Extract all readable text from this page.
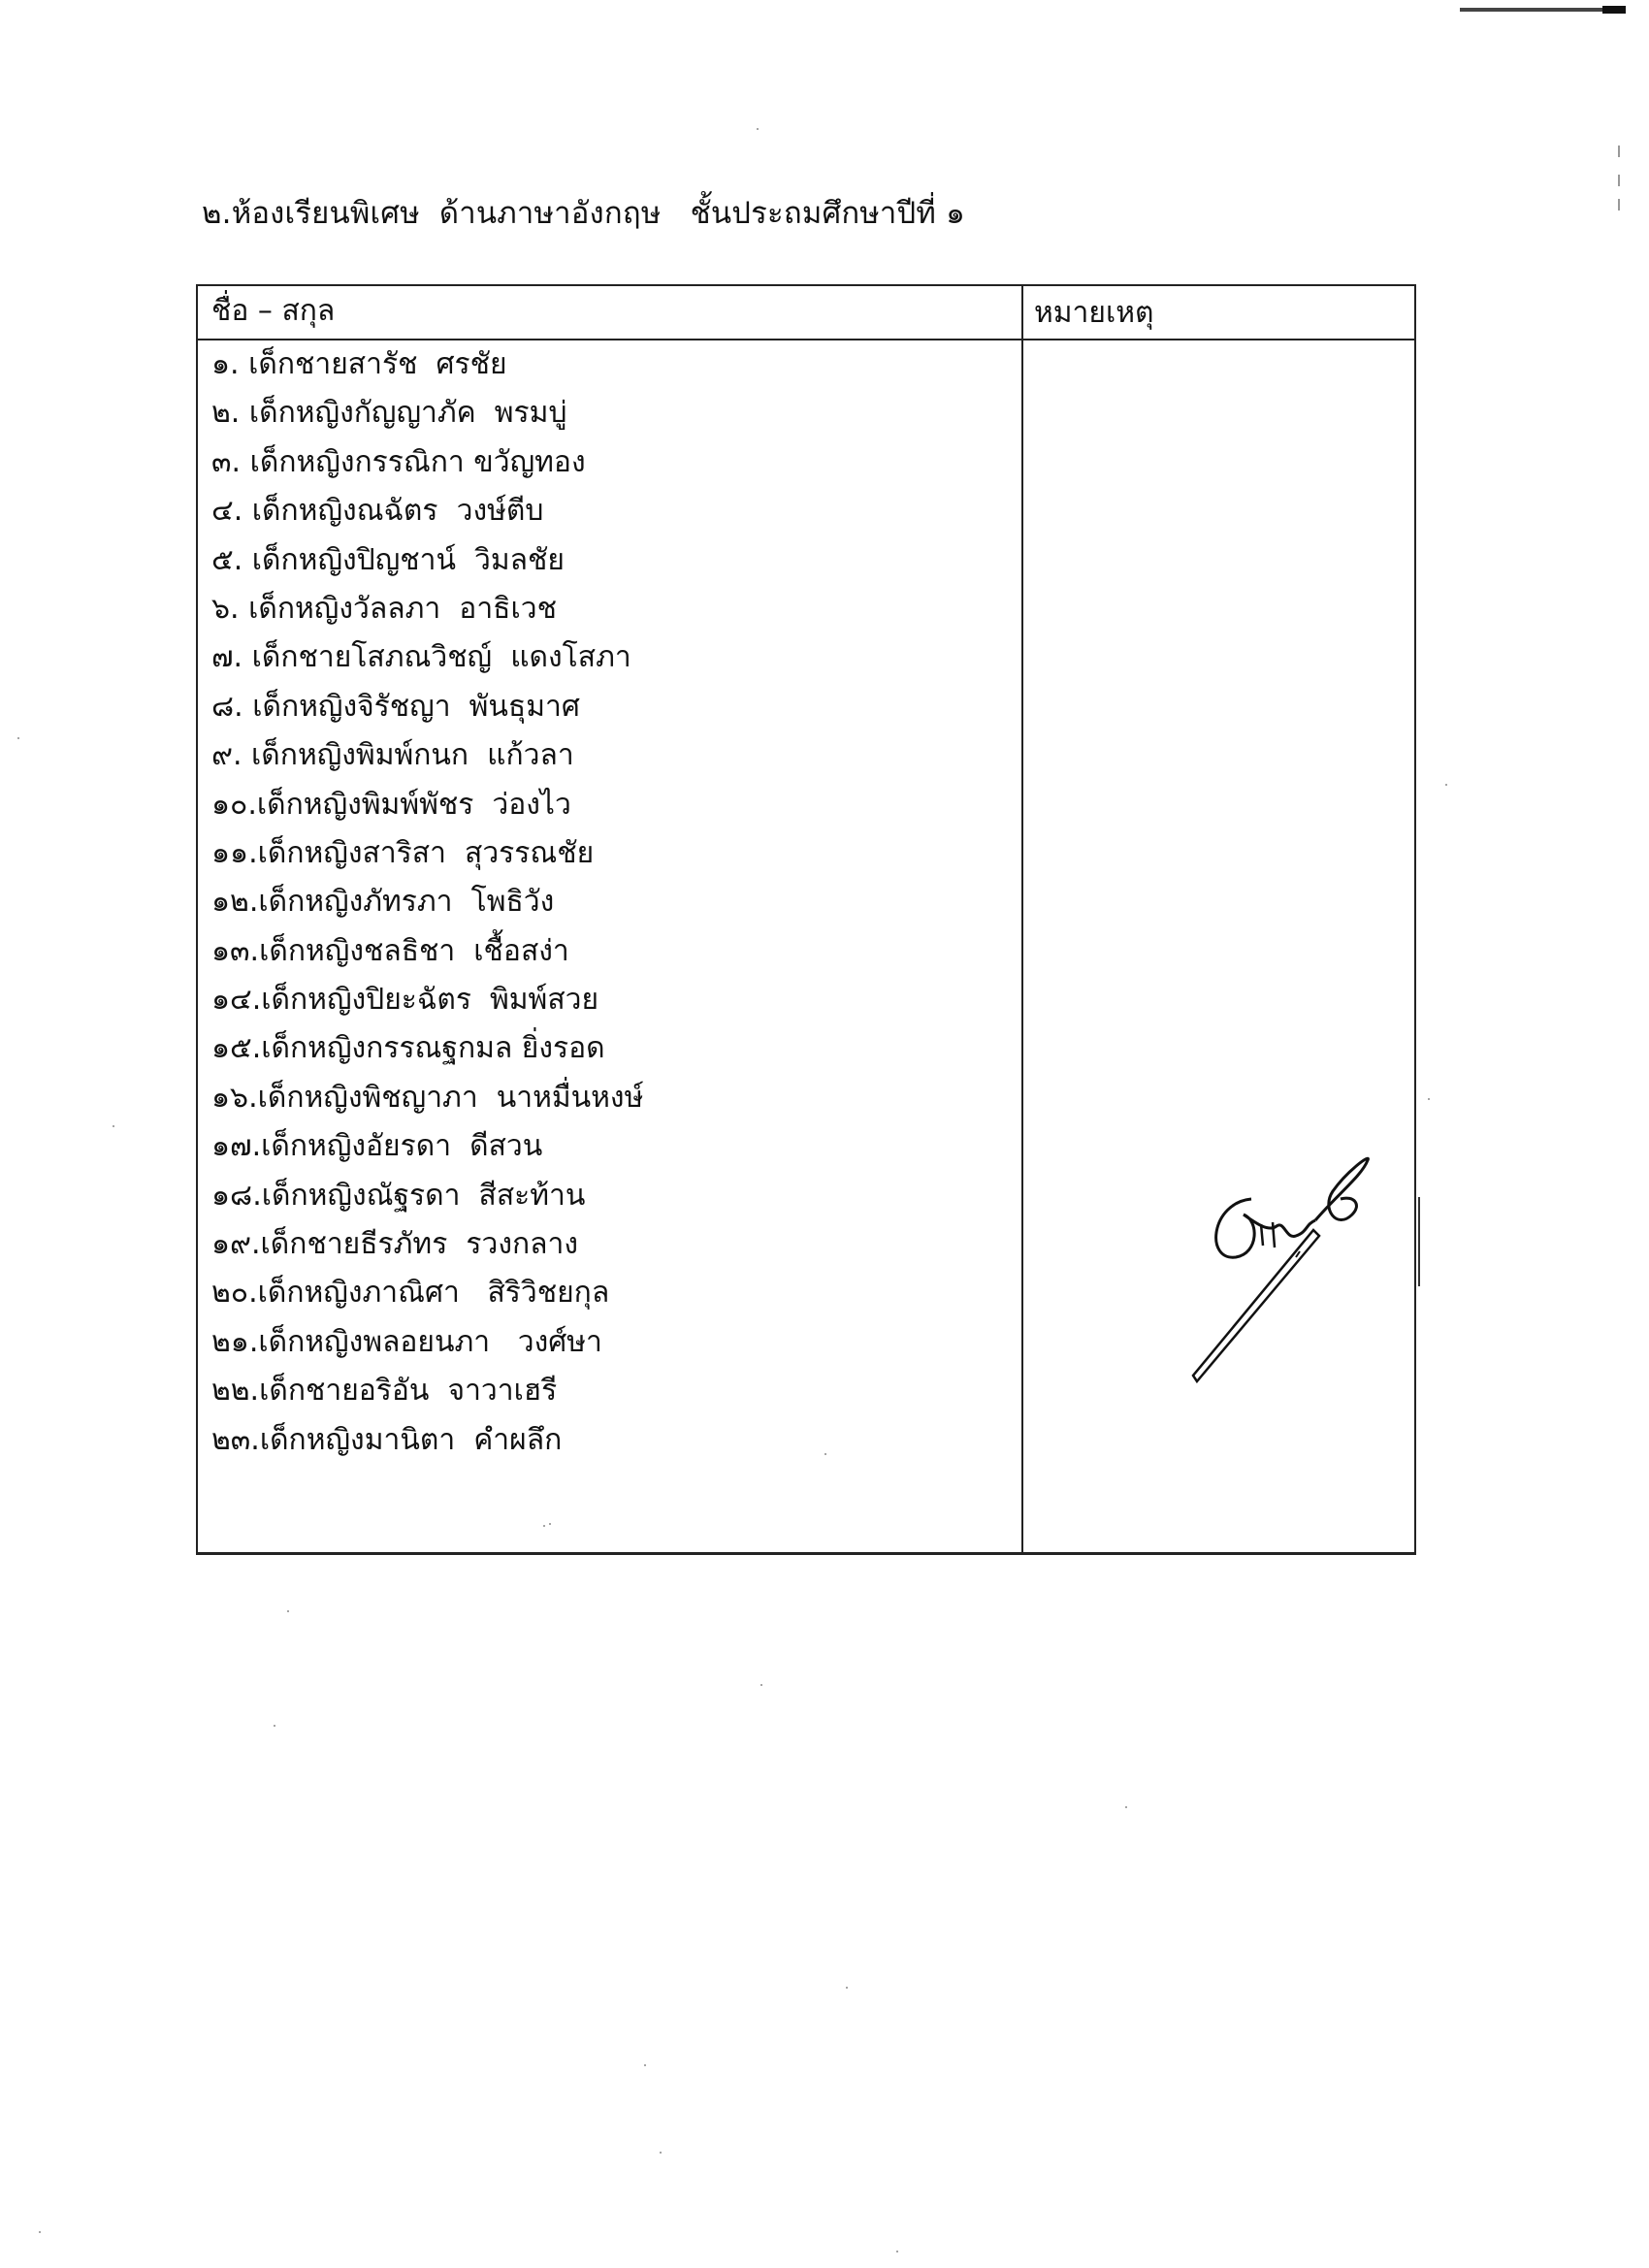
๒.ห้องเรียนพิเศษ  ด้านภาษาอังกฤษ   ชั้นประถมศึกษาปีที่ ๑
ชื่อ – สกุล	หมายเหตุ
๑. เด็กชายสารัช  ศรชัย
๒. เด็กหญิงกัญญาภัค  พรมบู่
๓. เด็กหญิงกรรณิกา ขวัญทอง
๔. เด็กหญิงณฉัตร  วงษ์ตีบ
๕. เด็กหญิงปิญชาน์  วิมลชัย
๖. เด็กหญิงวัลลภา  อาธิเวช
๗. เด็กชายโสภณวิชญ์  แดงโสภา
๘. เด็กหญิงจิรัชญา  พันธุมาศ
๙. เด็กหญิงพิมพ์กนก  แก้วลา
๑๐.เด็กหญิงพิมพ์พัชร  ว่องไว
๑๑.เด็กหญิงสาริสา  สุวรรณชัย
๑๒.เด็กหญิงภัทรภา  โพธิวัง
๑๓.เด็กหญิงชลธิชา  เชื้อสง่า
๑๔.เด็กหญิงปิยะฉัตร  พิมพ์สวย
๑๕.เด็กหญิงกรรณฐกมล ยิ่งรอด
๑๖.เด็กหญิงพิชญาภา  นาหมื่นหงษ์
๑๗.เด็กหญิงอัยรดา  ดีสวน
๑๘.เด็กหญิงณัฐรดา  สีสะท้าน
๑๙.เด็กชายธีรภัทร  รวงกลาง
๒๐.เด็กหญิงภาณิศา   สิริวิชยกุล
๒๑.เด็กหญิงพลอยนภา   วงศ์ษา
๒๒.เด็กชายอริอัน  จาวาเฮรี
๒๓.เด็กหญิงมานิตา  คำผลึก
